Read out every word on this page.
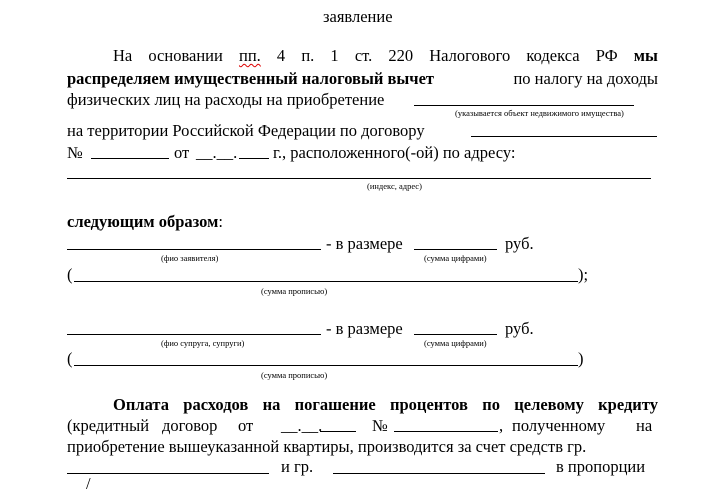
заявление
На основании пп. 4 п. 1 ст. 220 Налогового кодекса РФ мы
распределяем имущественный налоговый вычет	по налогу на доходы
физических лиц на расходы на приобретение
(указывается объект недвижимого имущества)
на территории Российской Федерации по договору
№	от __.__. г., расположенного(-ой) по адресу:
(индекс, адрес)
следующим образом:
- в размере	руб.
(фио заявителя)	(сумма цифрами)
(	);
(сумма прописью)
- в размере	руб.
(фио супруга, супруги)	(сумма цифрами)
(	)
(сумма прописью)
Оплата расходов на погашение процентов по целевому кредиту
(кредитный договор от __.__.	№	, полученному на
приобретение вышеуказанной квартиры, производится за счет средств гр.
и гр.	в пропорции
/
